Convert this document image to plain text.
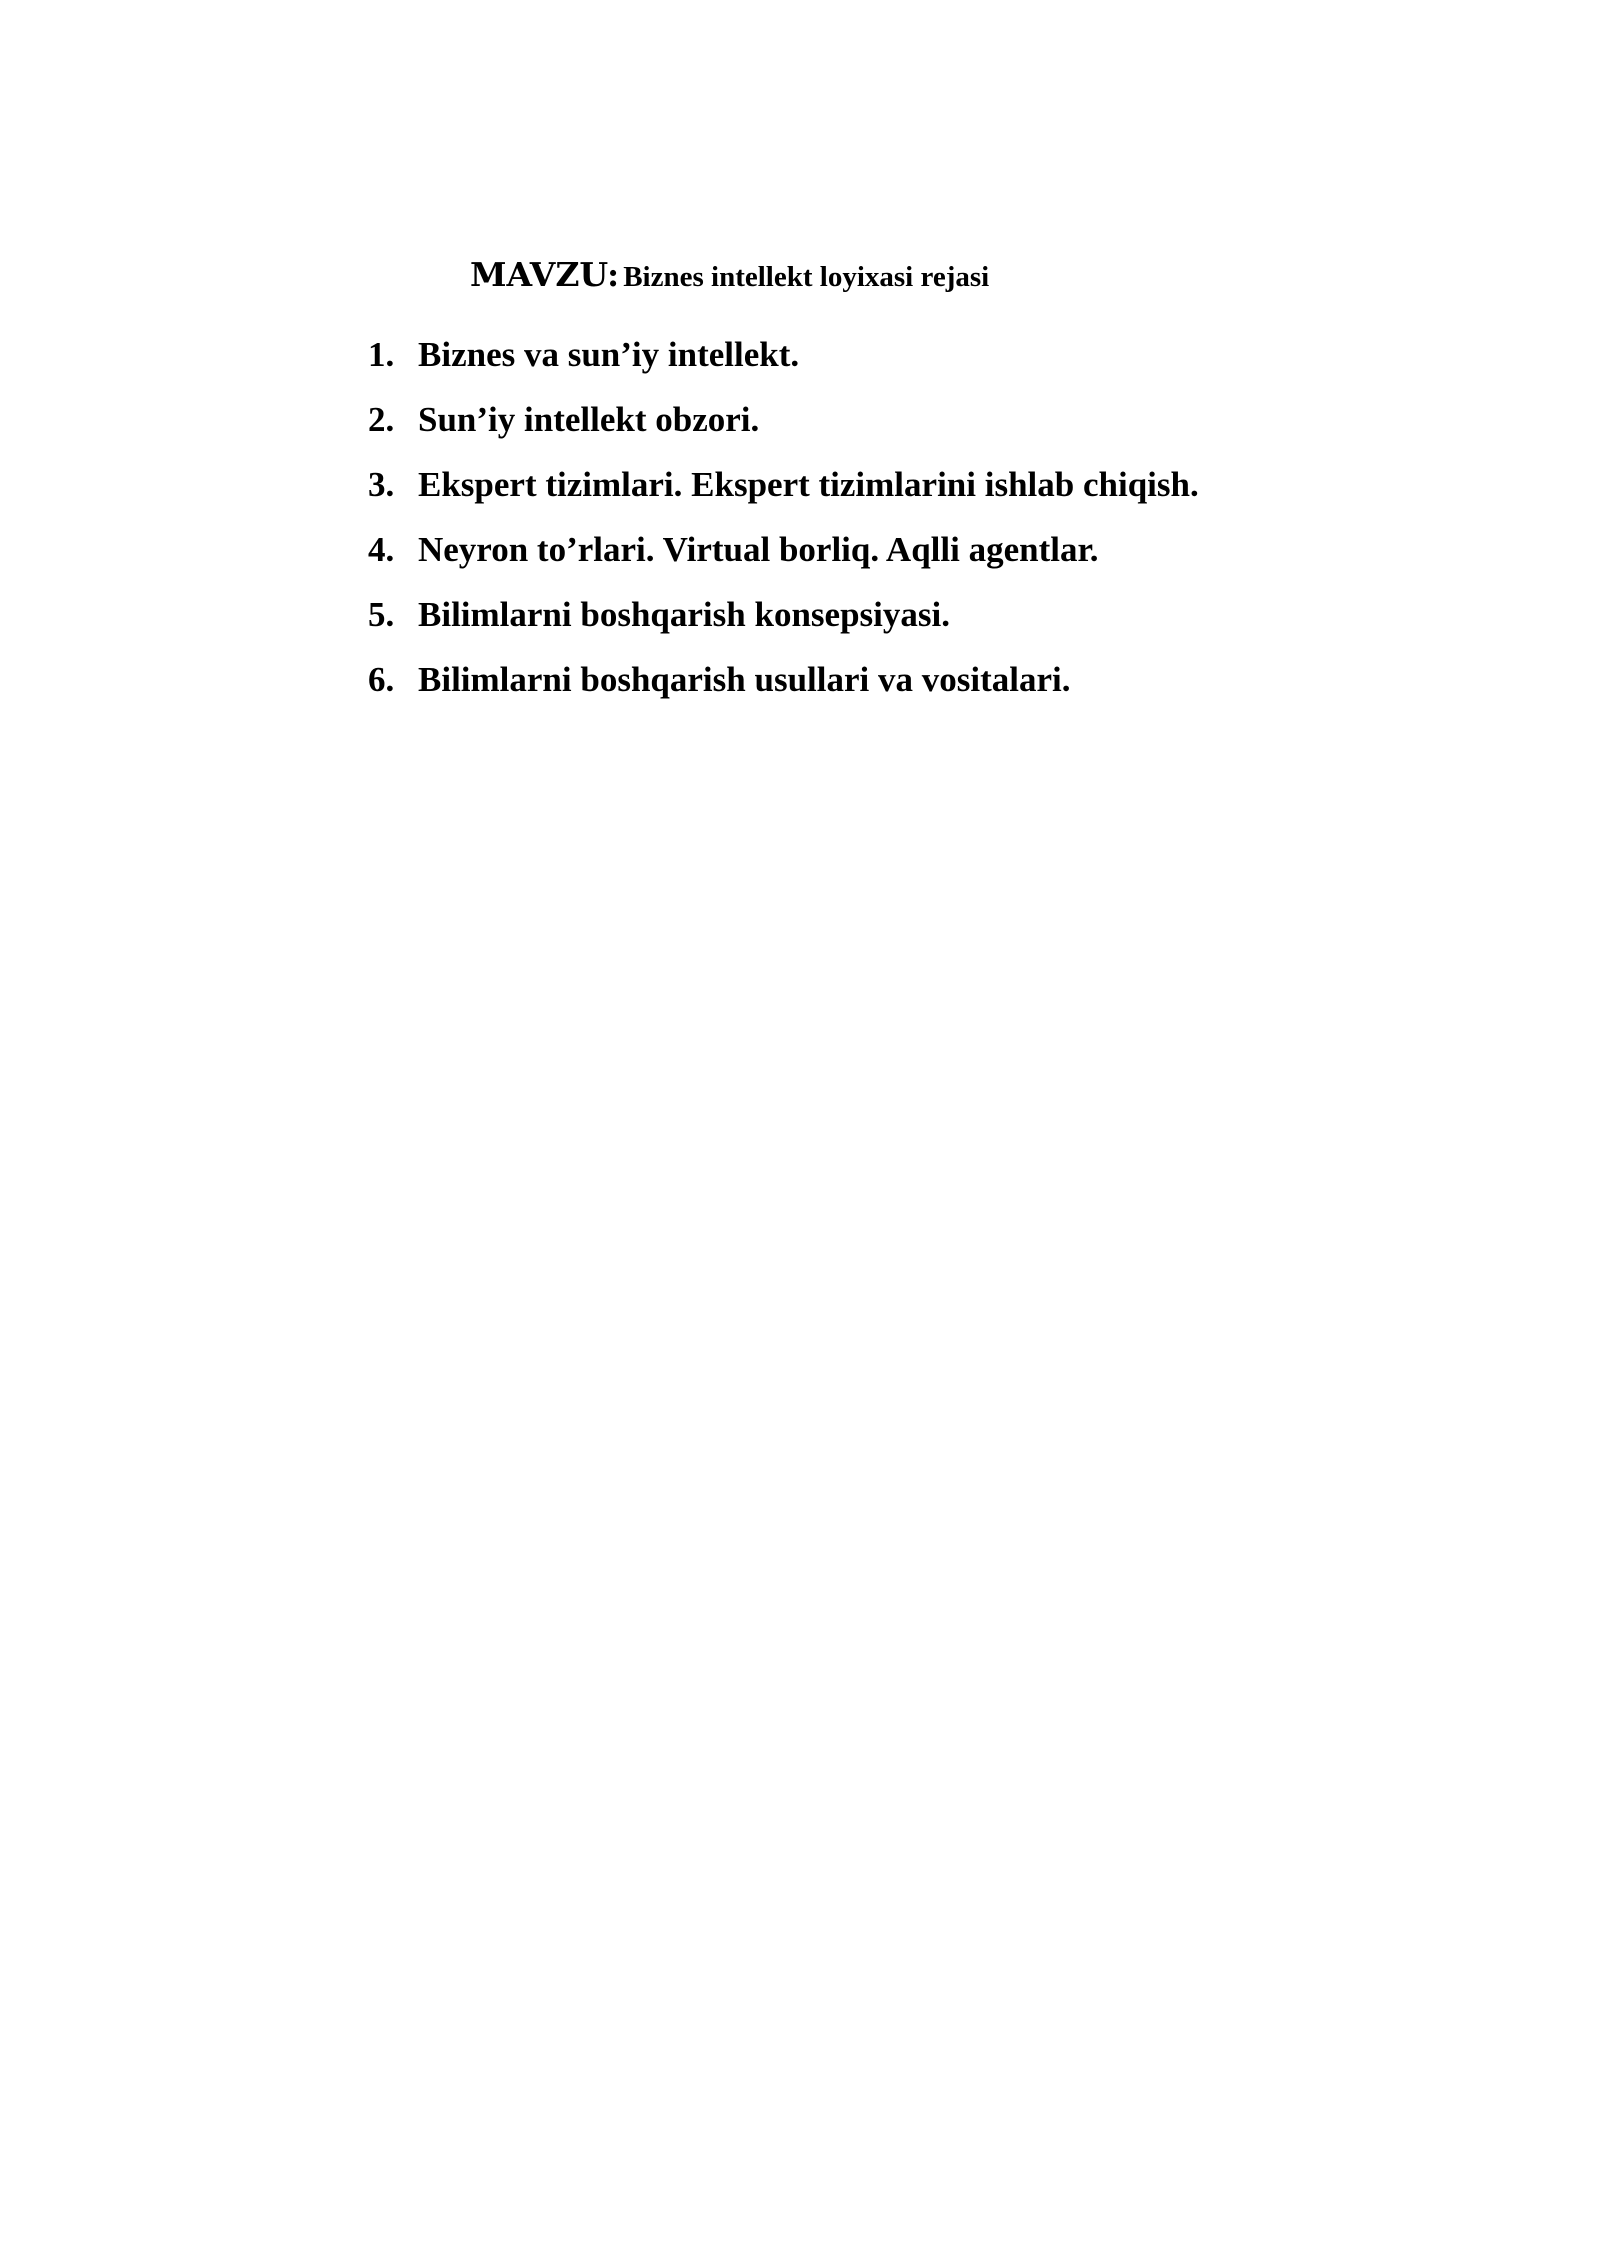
MAVZU: Biznes intellekt loyixasi rejasi
1. Biznes va sun’iy intellekt.
2. Sun’iy intellekt obzori.
3. Ekspert tizimlari. Ekspert tizimlarini ishlab chiqish.
4. Neyron to’rlari. Virtual borliq. Aqlli agentlar.
5. Bilimlarni boshqarish konsepsiyasi.
6. Bilimlarni boshqarish usullari va vositalari.
